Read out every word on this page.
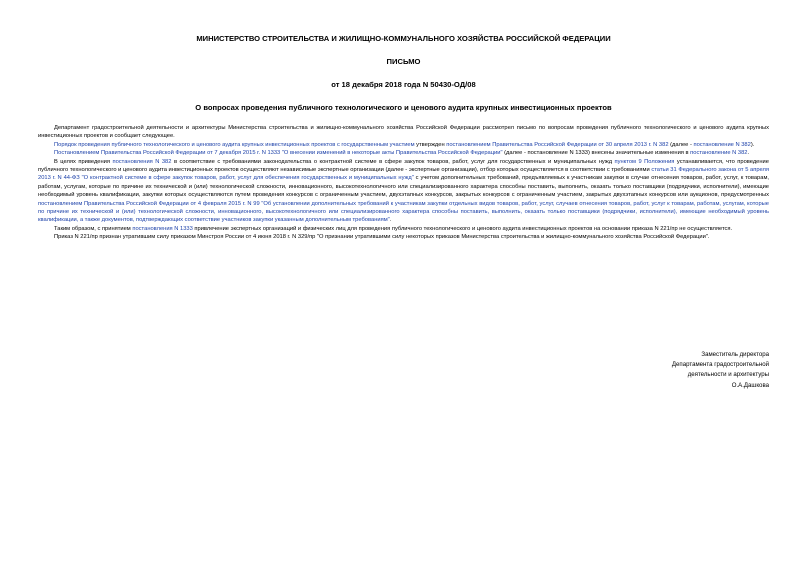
МИНИСТЕРСТВО СТРОИТЕЛЬСТВА И ЖИЛИЩНО-КОММУНАЛЬНОГО ХОЗЯЙСТВА РОССИЙСКОЙ ФЕДЕРАЦИИ
ПИСЬМО
от 18 декабря 2018 года N 50430-ОД/08
О вопросах проведения публичного технологического и ценового аудита крупных инвестиционных проектов

Департамент градостроительной деятельности и архитектуры Министерства строительства и жилищно-коммунального хозяйства Российской Федерации рассмотрел письмо по вопросам проведения публичного технологического и ценового аудита крупных инвестиционных проектов и сообщает следующее.

Порядок проведения публичного технологического и ценового аудита крупных инвестиционных проектов с государственным участием утвержден постановлением Правительства Российской Федерации от 30 апреля 2013 г. N 382 (далее - постановление N 382).

Постановлением Правительства Российской Федерации от 7 декабря 2015 г. N 1333 "О внесении изменений в некоторые акты Правительства Российской Федерации" (далее - постановление N 1333) внесены значительные изменения в постановление N 382.

В целях приведения постановления N 382 в соответствие с требованиями законодательства о контрактной системе в сфере закупок товаров, работ, услуг для государственных и муниципальных нужд пунктом 9 Положения устанавливается, что проведение публичного технологического и ценового аудита инвестиционных проектов осуществляют независимые экспертные организации (далее - экспертные организации), отбор которых осуществляется в соответствии с требованиями статьи 31 Федерального закона от 5 апреля 2013 г. N 44-ФЗ "О контрактной системе в сфере закупок товаров, работ, услуг для обеспечения государственных и муниципальных нужд" с учетом дополнительных требований, предъявляемых к участникам закупки в случае отнесения товаров, работ, услуг, к товарам, работам, услугам, которые по причине их технической и (или) технологической сложности, инновационного, высокотехнологичного или специализированного характера способны поставить, выполнить, оказать только поставщики (подрядчики, исполнители), имеющие необходимый уровень квалификации, закупки которых осуществляются путем проведения конкурсов с ограниченным участием, двухэтапных конкурсов, закрытых конкурсов с ограниченным участием, закрытых двухэтапных конкурсов или аукционов, предусмотренных постановлением Правительства Российской Федерации от 4 февраля 2015 г. N 99 "Об установлении дополнительных требований к участникам закупки отдельных видов товаров, работ, услуг, случаев отнесения товаров, работ, услуг к товарам, работам, услугам, которые по причине их технической и (или) технологической сложности, инновационного, высокотехнологичного или специализированного характера способны поставить, выполнить, оказать только поставщики (подрядчики, исполнители), имеющие необходимый уровень квалификации, а также документов, подтверждающих соответствие участников закупки указанным дополнительным требованиям".

Таким образом, с принятием постановления N 1333 привлечение экспертных организаций и физических лиц для проведения публичного технологического и ценового аудита инвестиционных проектов на основании приказа N 221/пр не осуществляется.

Приказ N 221/пр признан утратившим силу приказом Минстроя России от 4 июня 2018 г. N 329/пр "О признании утратившими силу некоторых приказов Министерства строительства и жилищно-коммунального хозяйства Российской Федерации".

Заместитель директора
Департамента градостроительной
деятельности и архитектуры
О.А.Дашкова
